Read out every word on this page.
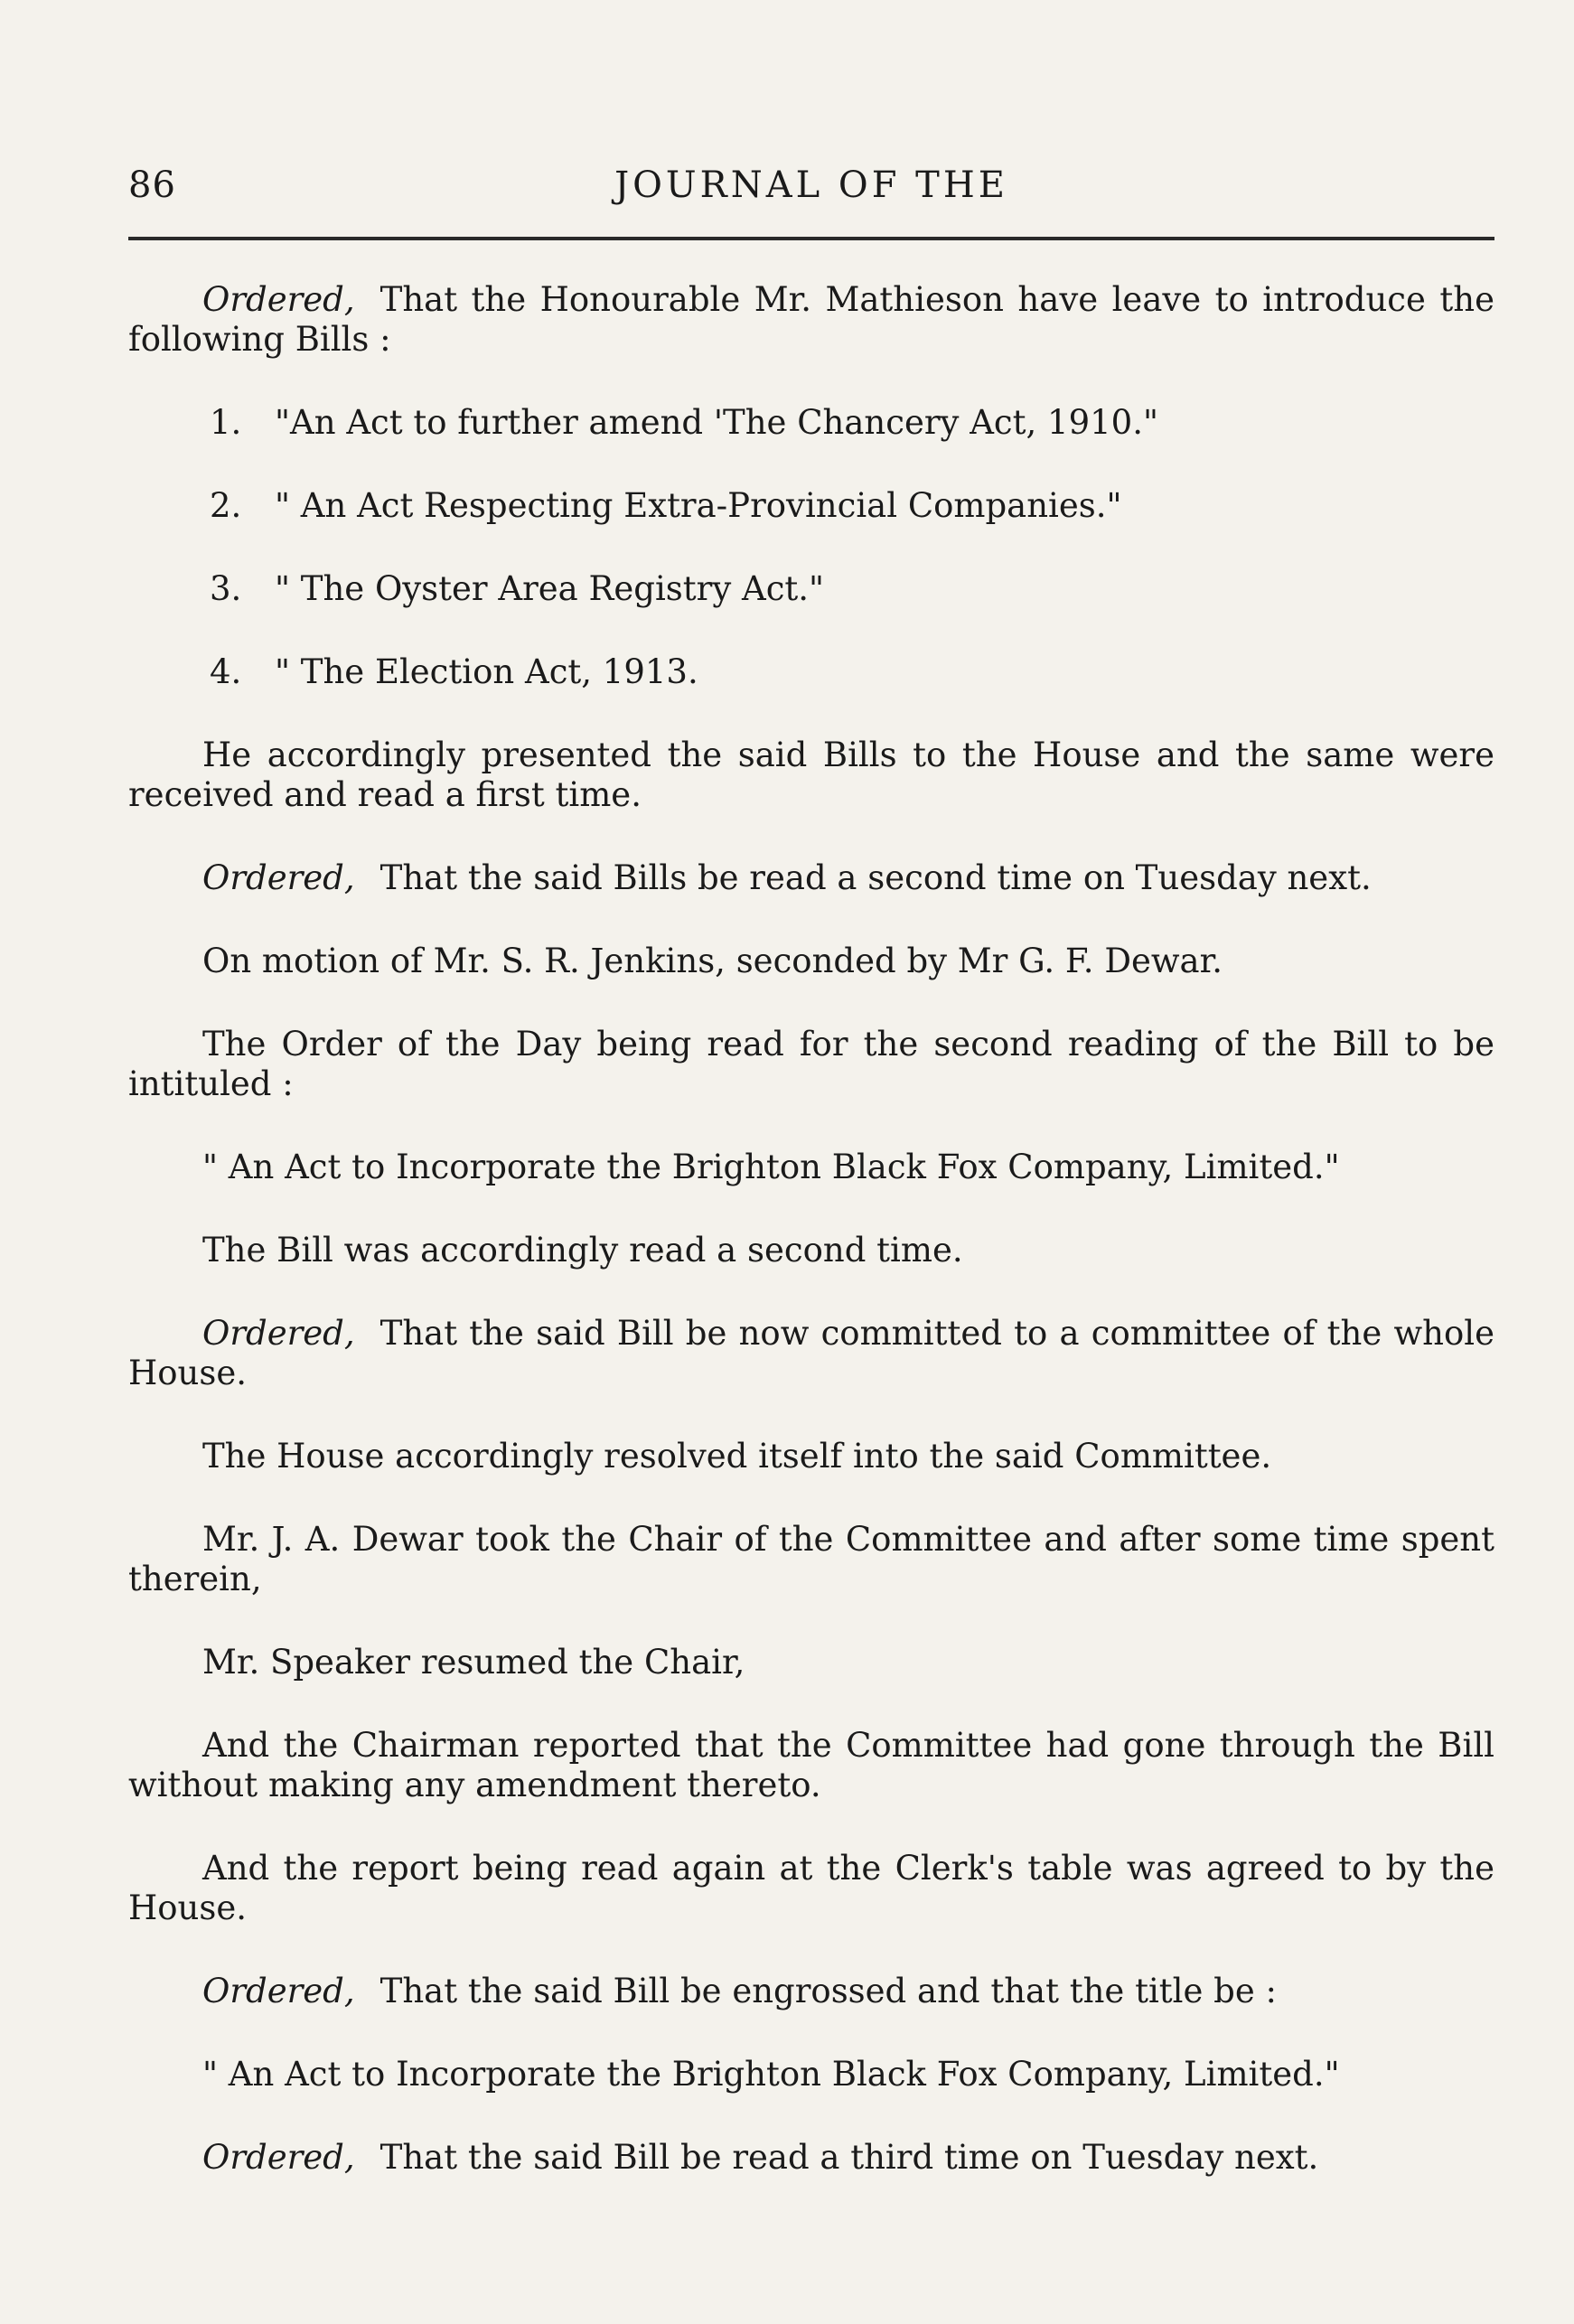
86	JOURNAL OF THE

Ordered, That the Honourable Mr. Mathieson have leave to introduce the following Bills :

1. "An Act to further amend 'The Chancery Act, 1910."
2. " An Act Respecting Extra-Provincial Companies."
3. " The Oyster Area Registry Act."
4. " The Election Act, 1913.

He accordingly presented the said Bills to the House and the same were received and read a first time.

Ordered, That the said Bills be read a second time on Tuesday next.

On motion of Mr. S. R. Jenkins, seconded by Mr G. F. Dewar.

The Order of the Day being read for the second reading of the Bill to be intituled :

" An Act to Incorporate the Brighton Black Fox Company, Limited."

The Bill was accordingly read a second time.

Ordered, That the said Bill be now committed to a committee of the whole House.

The House accordingly resolved itself into the said Committee.

Mr. J. A. Dewar took the Chair of the Committee and after some time spent therein,

Mr. Speaker resumed the Chair,

And the Chairman reported that the Committee had gone through the Bill without making any amendment thereto.

And the report being read again at the Clerk's table was agreed to by the House.

Ordered, That the said Bill be engrossed and that the title be :

" An Act to Incorporate the Brighton Black Fox Company, Limited."

Ordered, That the said Bill be read a third time on Tuesday next.
